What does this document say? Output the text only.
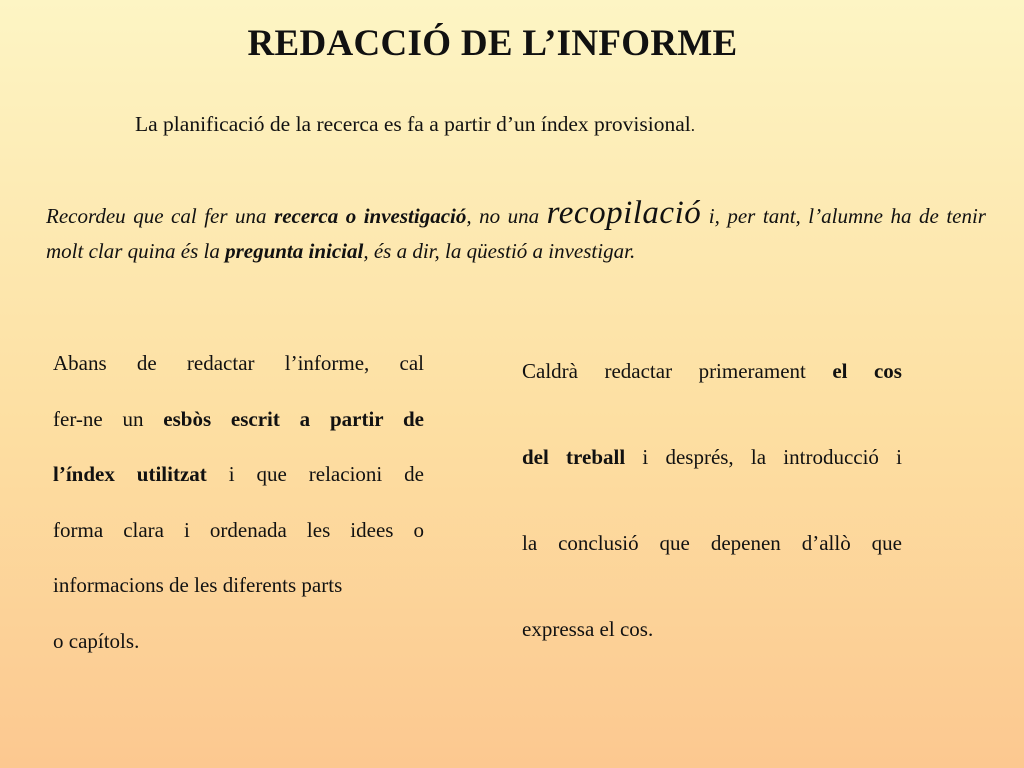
REDACCIÓ DE L’INFORME
La planificació de la recerca es fa a partir d’un índex provisional.
Recordeu que cal fer una recerca o investigació, no una recopilació i, per tant, l’alumne ha de tenir molt clar quina és la pregunta inicial, és a dir, la qüestió a investigar.
Abans de redactar l’informe, cal
fer-ne un esbòs escrit a partir de
l’índex utilitzat i que relacioni de
forma clara i ordenada les idees o
informacions de les diferents parts
o capítols.
Caldrà redactar primerament el cos
del treball i després, la introducció i
la conclusió que depenen d’allò que
expressa el cos.
